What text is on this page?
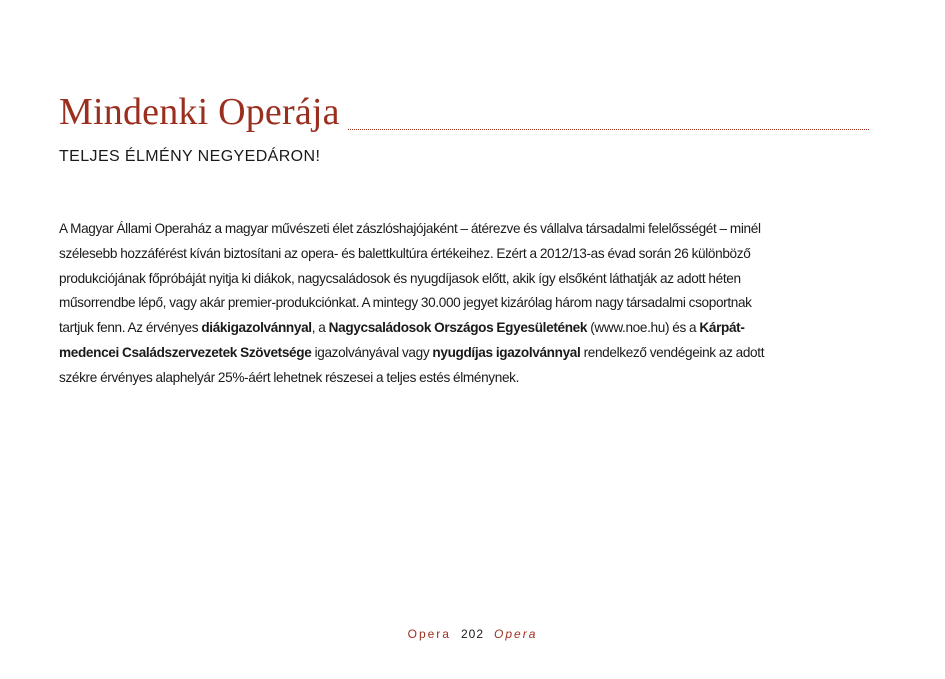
Mindenki Operája
TELJES ÉLMÉNY NEGYEDÁRON!
A Magyar Állami Operaház a magyar művészeti élet zászlóshajójaként – átérezve és vállalva társadalmi felelősségét – minél
szélesebb hozzáférést kíván biztosítani az opera- és balettkultúra értékeihez. Ezért a 2012/13-as évad során 26 különböző
produkciójának főpróbáját nyitja ki diákok, nagycsaládosok és nyugdíjasok előtt, akik így elsőként láthatják az adott héten
műsorrendbe lépő, vagy akár premier-produkciónkat. A mintegy 30.000 jegyet kizárólag három nagy társadalmi csoportnak
tartjuk fenn. Az érvényes diákigazolvánnyal, a Nagycsaládosok Országos Egyesületének (www.noe.hu) és a Kárpát-
medencei Családszervezetek Szövetsége igazolványával vagy nyugdíjas igazolvánnyal rendelkező vendégeink az adott
székre érvényes alaphelyár 25%-áért lehetnek részesei a teljes estés élménynek.
Opera 202 Opera
